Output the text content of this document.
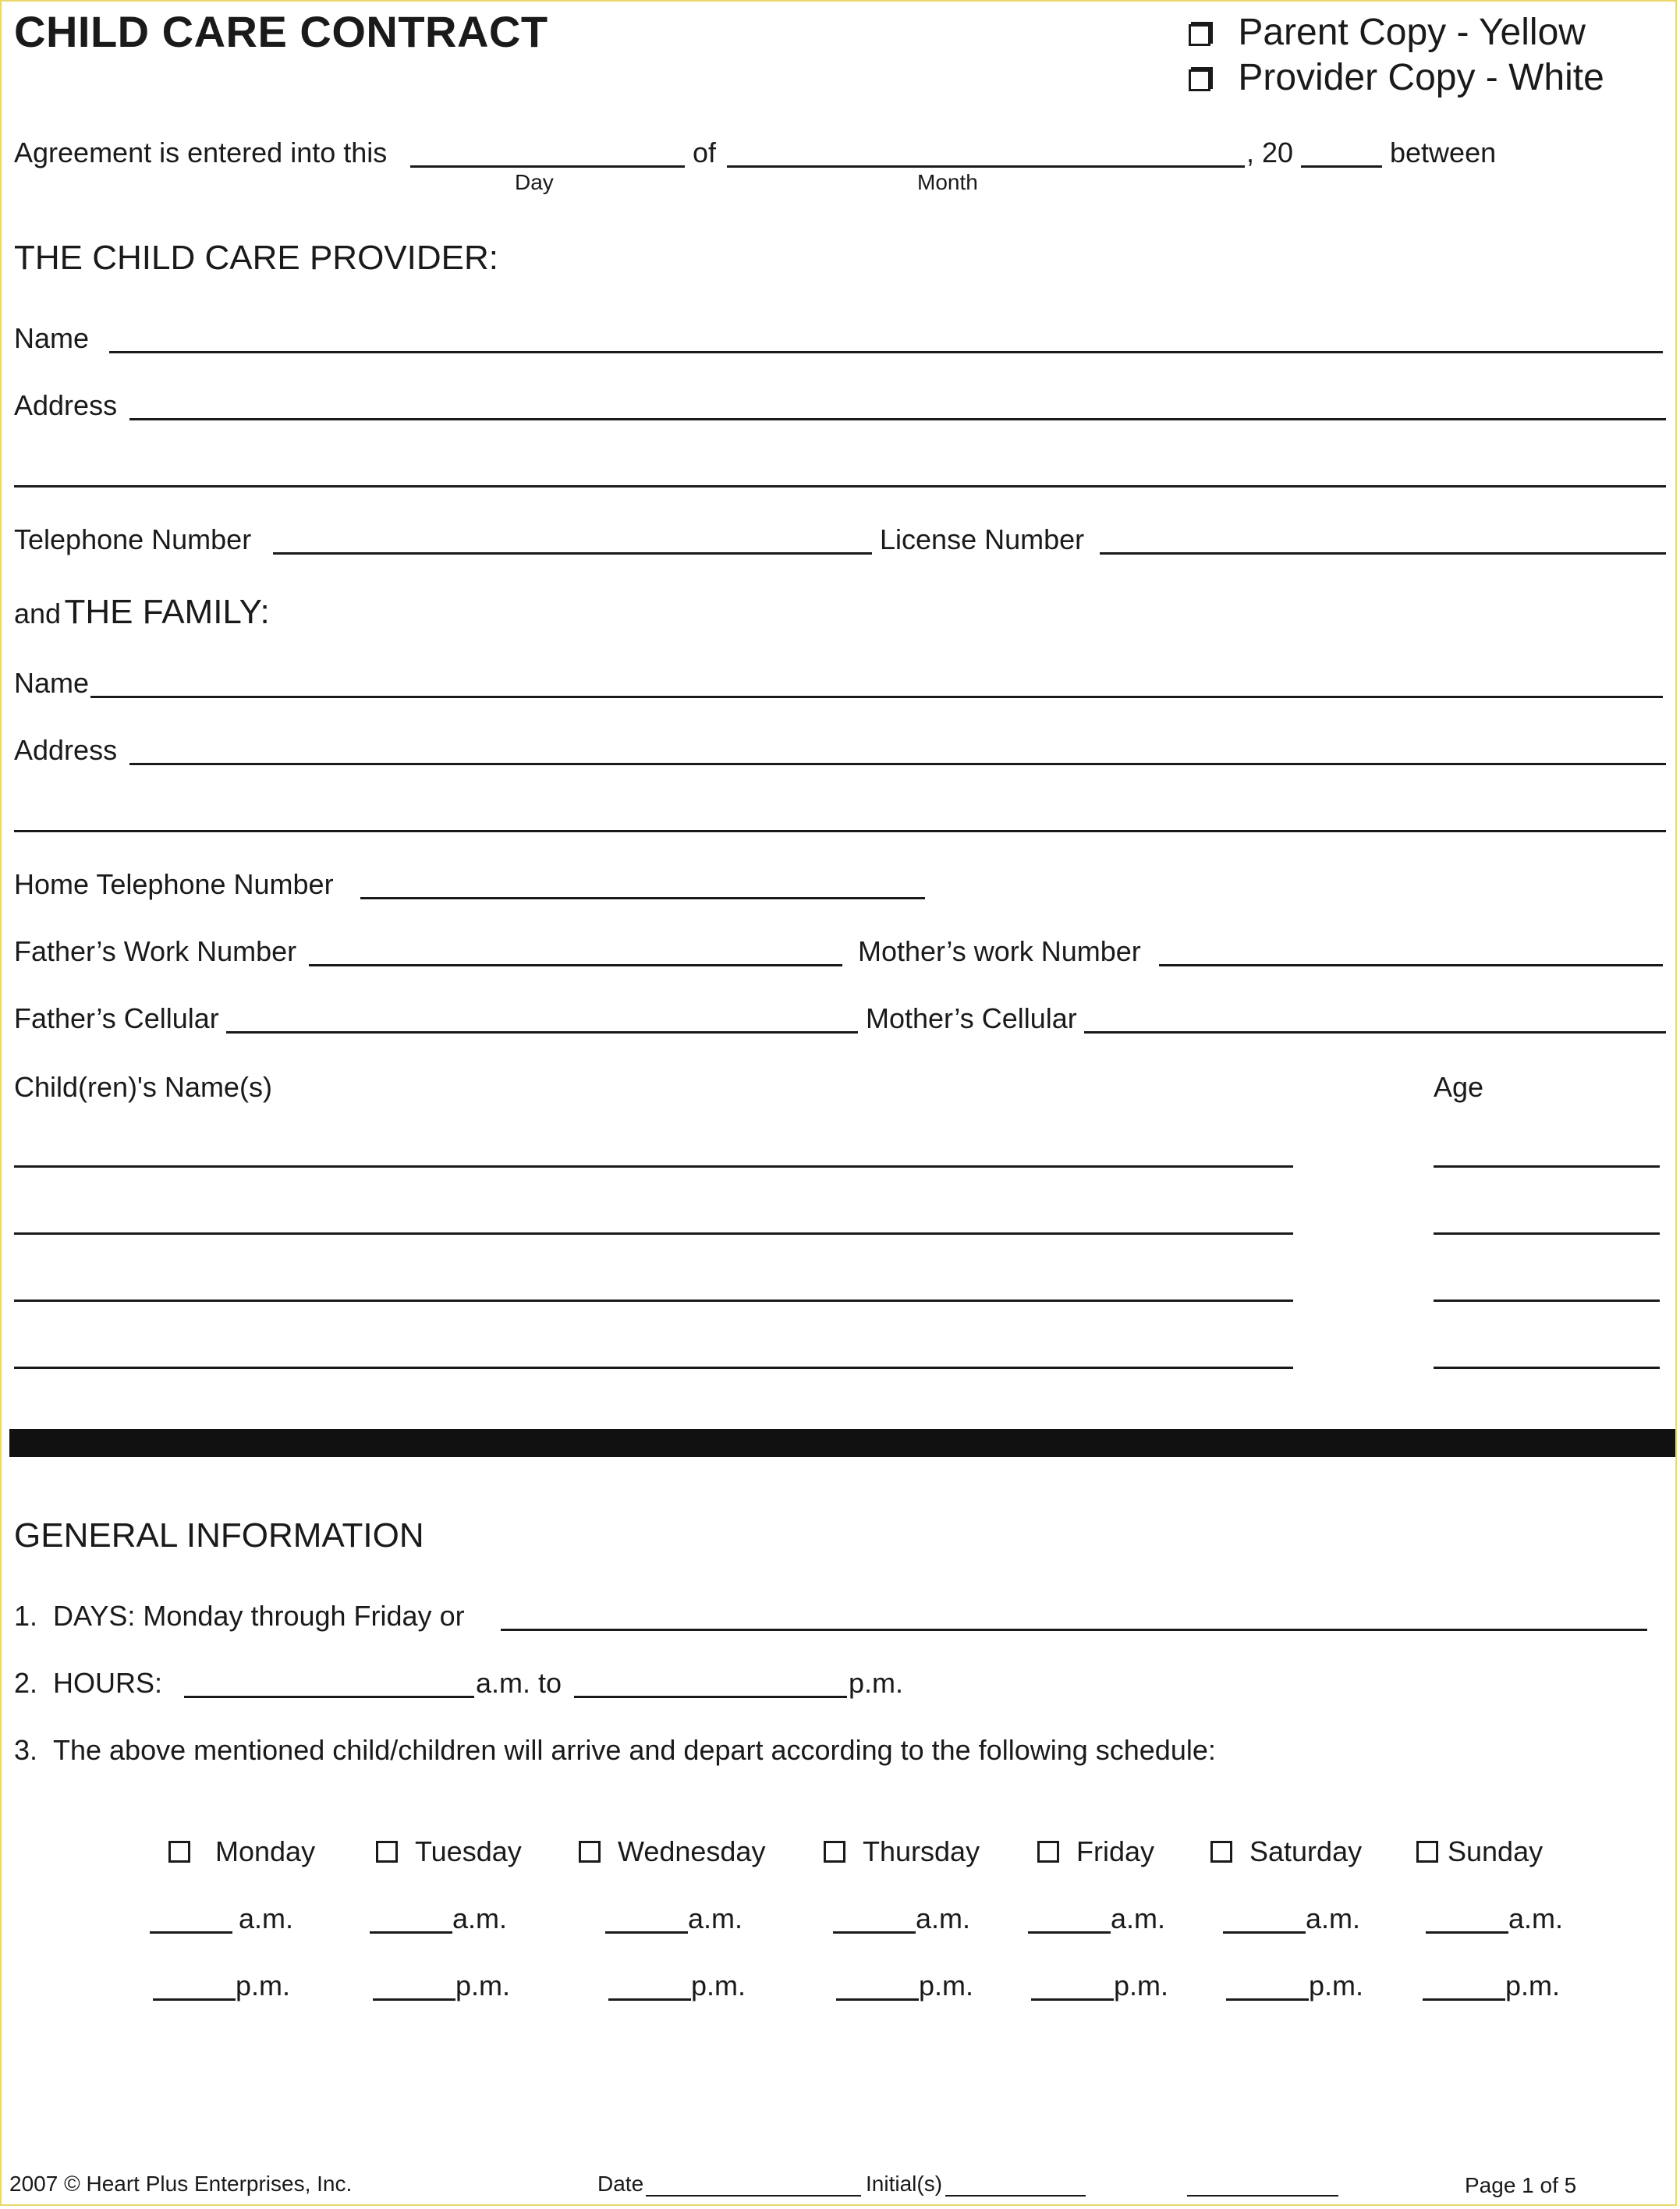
CHILD CARE CONTRACT	Parent Copy - Yellow
Provider Copy - White
Agreement is entered into this
Day
of
Month
, 20	between
THE CHILD CARE PROVIDER:
Name
Address
Telephone Number	License Number
and THE FAMILY:
Name
Address
Home Telephone Number
Father’s Work Number	Mother’s work Number
Father’s Cellular	Mother’s Cellular
Child(ren)'s Name(s)	Age
GENERAL INFORMATION
1. DAYS: Monday through Friday or
2. HOURS:	a.m. to	p.m.
3. The above mentioned child/children will arrive and depart according to the following schedule:
Monday	Tuesday	Wednesday	Thursday	Friday	Saturday	Sunday
a.m.	a.m.	a.m.	a.m.	a.m.	a.m.	a.m.
p.m.	p.m.	p.m.	p.m.	p.m.	p.m.	p.m.
2007 © Heart Plus Enterprises, Inc.	Date	Initial(s)	Page 1 of 5
